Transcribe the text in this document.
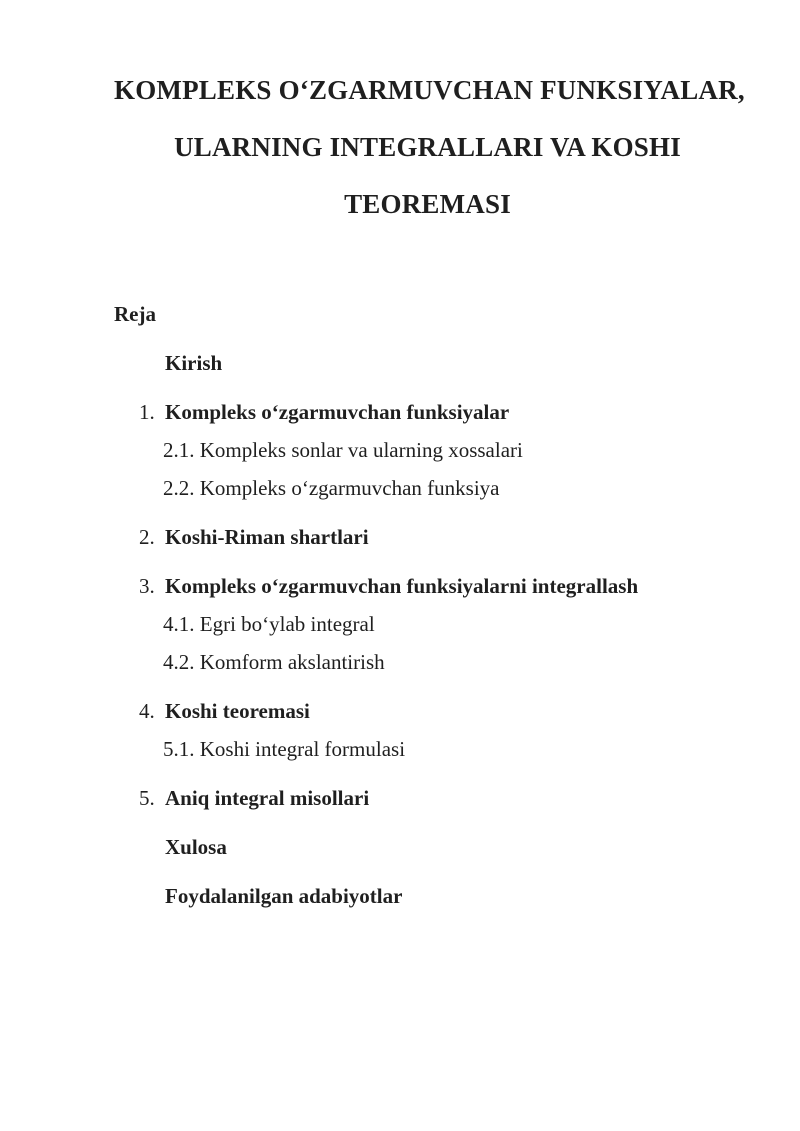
KOMPLEKS O‘ZGARMUVCHAN FUNKSIYALAR,
ULARNING INTEGRALLARI VA KOSHI
TEOREMASI

Reja

Kirish
1. Kompleks o‘zgarmuvchan funksiyalar
2.1. Kompleks sonlar va ularning xossalari
2.2. Kompleks o‘zgarmuvchan funksiya
2. Koshi-Riman shartlari
3. Kompleks o‘zgarmuvchan funksiyalarni integrallash
4.1. Egri bo‘ylab integral
4.2. Komform akslantirish
4. Koshi teoremasi
5.1. Koshi integral formulasi
5. Aniq integral misollari
Xulosa
Foydalanilgan adabiyotlar
